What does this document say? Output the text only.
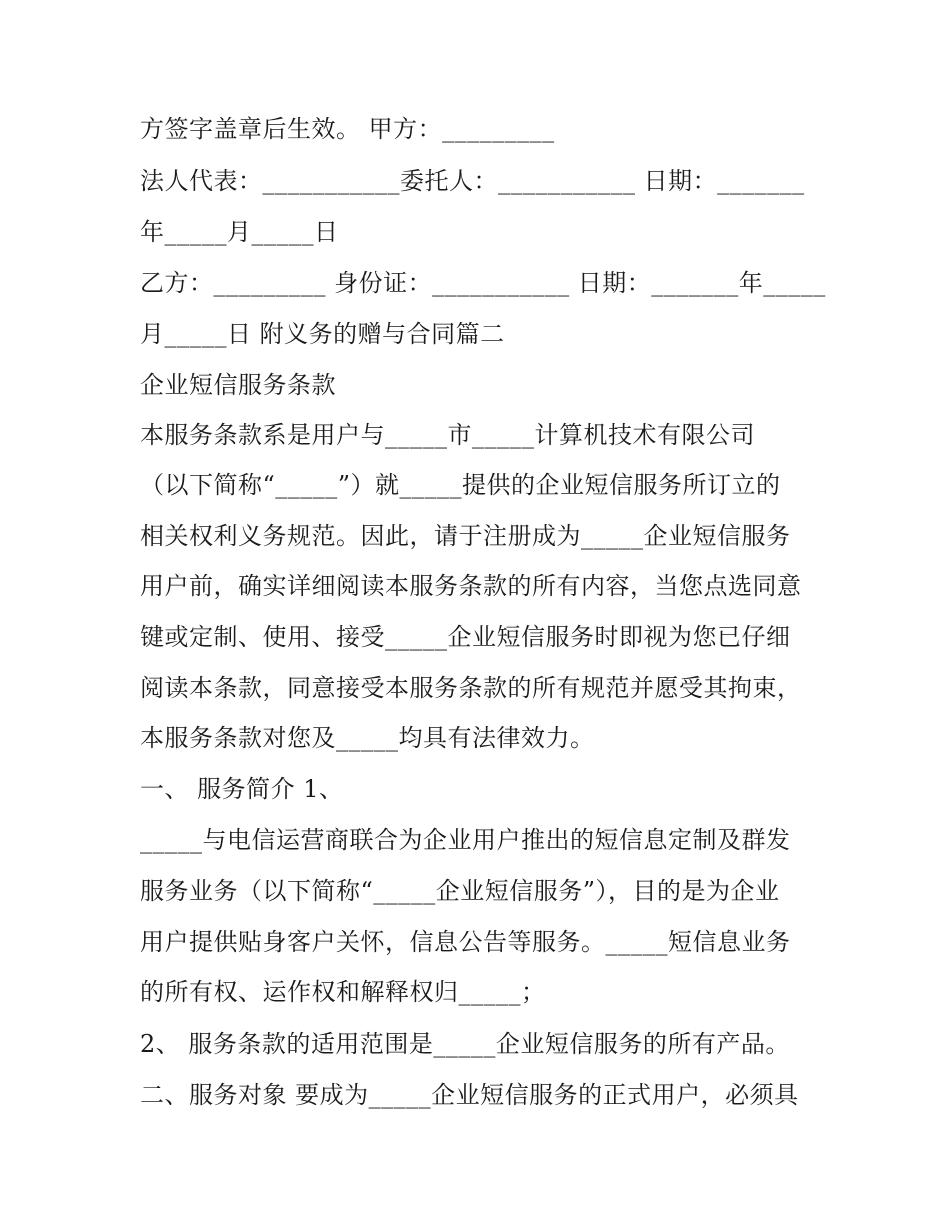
方签字盖章后生效。 甲方：_________

法人代表：___________委托人：___________ 日期：_______

年_____月_____日

乙方：_________ 身份证：___________ 日期：_______年_____

月_____日 附义务的赠与合同篇二

企业短信服务条款

本服务条款系是用户与_____市_____计算机技术有限公司

（以下简称“_____”）就_____提供的企业短信服务所订立的

相关权利义务规范。因此，请于注册成为_____企业短信服务

用户前，确实详细阅读本服务条款的所有内容，当您点选同意

键或定制、使用、接受_____企业短信服务时即视为您已仔细

阅读本条款，同意接受本服务条款的所有规范并愿受其拘束，

本服务条款对您及_____均具有法律效力。

一、 服务简介 1、

_____与电信运营商联合为企业用户推出的短信息定制及群发

服务业务（以下简称“_____企业短信服务”），目的是为企业

用户提供贴身客户关怀，信息公告等服务。_____短信息业务

的所有权、运作权和解释权归_____；

2、 服务条款的适用范围是_____企业短信服务的所有产品。

二、服务对象 要成为_____企业短信服务的正式用户，必须具
